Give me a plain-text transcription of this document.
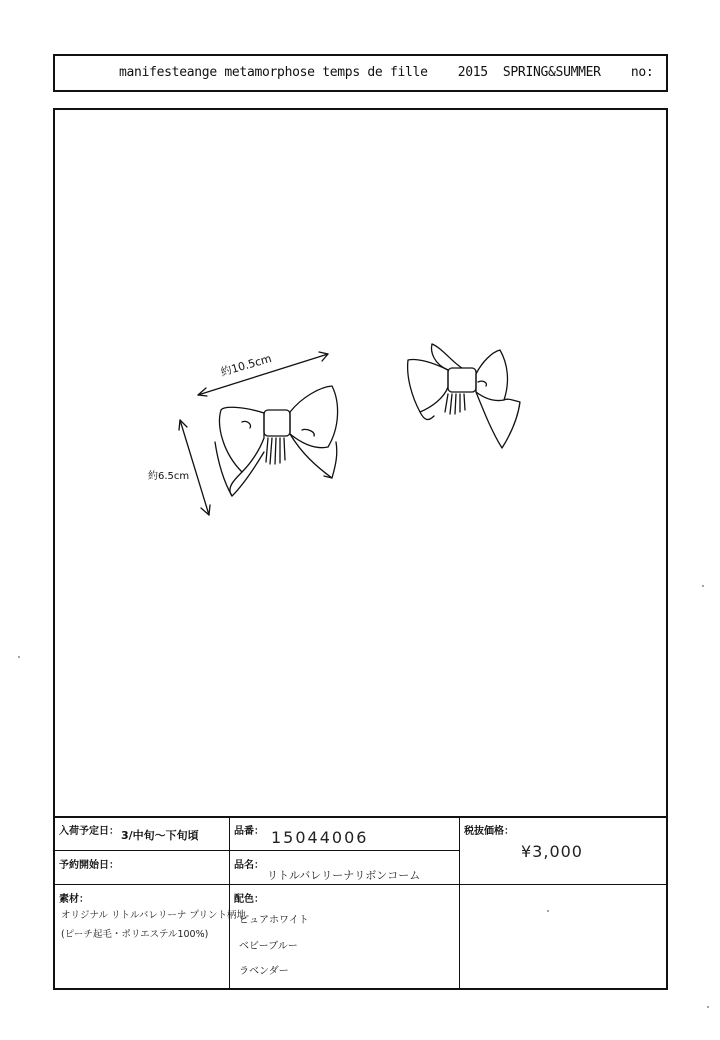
manifesteange metamorphose temps de fille    2015  SPRING&SUMMER    no:
約10.5cm
約6.5cm
入荷予定日： 3/中旬〜下旬頃	品番： 15044006	税抜価格：
¥3,000
予約開始日：	品名：
リトルバレリーナリボンコーム
素材：
オリジナル リトルバレリーナ プリント柄地
(ピーチ起毛・ポリエステル100%)
配色：
ピュアホワイト
ベビーブルー
ラベンダー
